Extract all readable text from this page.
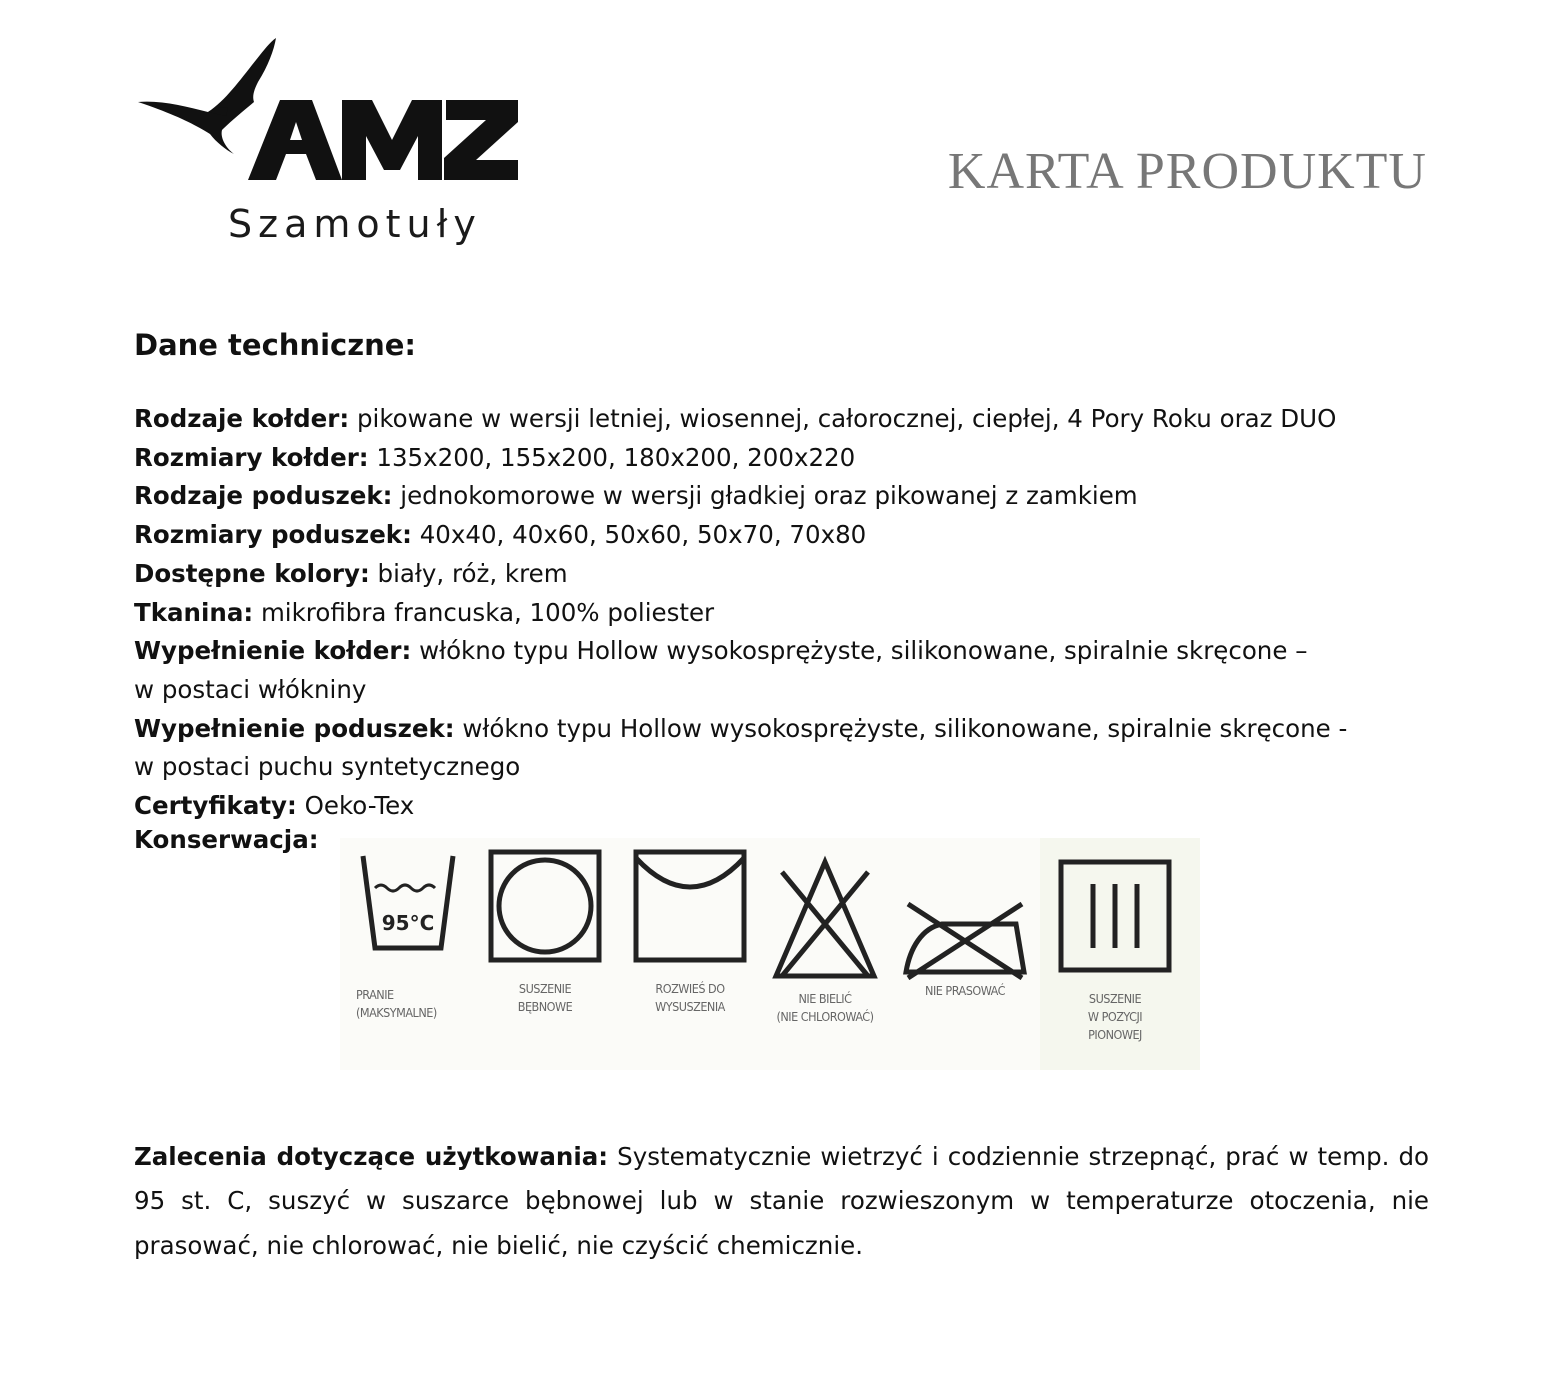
Szamotuły
KARTA PRODUKTU
Dane techniczne:

Rodzaje kołder: pikowane w wersji letniej, wiosennej, całorocznej, ciepłej, 4 Pory Roku oraz DUO

Rozmiary kołder: 135x200, 155x200, 180x200, 200x220

Rodzaje poduszek: jednokomorowe w wersji gładkiej oraz pikowanej z zamkiem

Rozmiary poduszek: 40x40, 40x60, 50x60, 50x70, 70x80

Dostępne kolory: biały, róż, krem

Tkanina: mikrofibra francuska, 100% poliester

Wypełnienie kołder: włókno typu Hollow wysokosprężyste, silikonowane, spiralnie skręcone –
w postaci włókniny

Wypełnienie poduszek: włókno typu Hollow wysokosprężyste, silikonowane, spiralnie skręcone -
w postaci puchu syntetycznego

Certyfikaty: Oeko-Tex

Konserwacja:
95°C
PRANIE
(MAKSYMALNE)
SUSZENIE
BĘBNOWE
ROZWIEŚ DO
WYSUSZENIA
NIE BIELIĆ
(NIE CHLOROWAĆ)
NIE PRASOWAĆ
SUSZENIE
W POZYCJI
PIONOWEJ

Zalecenia dotyczące użytkowania: Systematycznie wietrzyć i codziennie strzepnąć, prać w temp. do 95 st. C, suszyć w suszarce bębnowej lub w stanie rozwieszonym w temperaturze otoczenia, nie prasować, nie chlorować, nie bielić, nie czyścić chemicznie.
